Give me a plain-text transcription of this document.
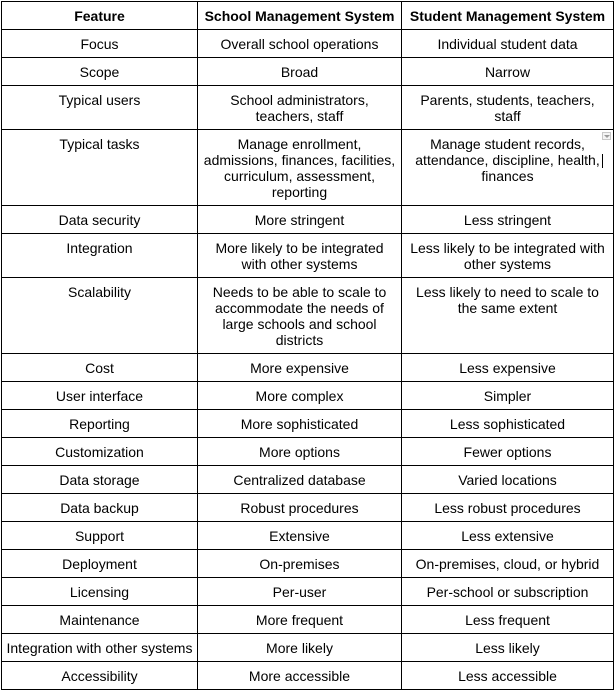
Feature	School Management System	Student Management System
Focus	Overall school operations	Individual student data
Scope	Broad	Narrow
Typical users	School administrators, teachers, staff	Parents, students, teachers, staff
Typical tasks	Manage enrollment, admissions, finances, facilities, curriculum, assessment, reporting	Manage student records, attendance, discipline, health, finances

Data security	More stringent	Less stringent
Integration	More likely to be integrated with other systems	Less likely to be integrated with other systems
Scalability	Needs to be able to scale to accommodate the needs of large schools and school districts	Less likely to need to scale to the same extent
Cost	More expensive	Less expensive
User interface	More complex	Simpler
Reporting	More sophisticated	Less sophisticated
Customization	More options	Fewer options
Data storage	Centralized database	Varied locations
Data backup	Robust procedures	Less robust procedures
Support	Extensive	Less extensive
Deployment	On-premises	On-premises, cloud, or hybrid
Licensing	Per-user	Per-school or subscription
Maintenance	More frequent	Less frequent
Integration with other systems	More likely	Less likely
Accessibility	More accessible	Less accessible
